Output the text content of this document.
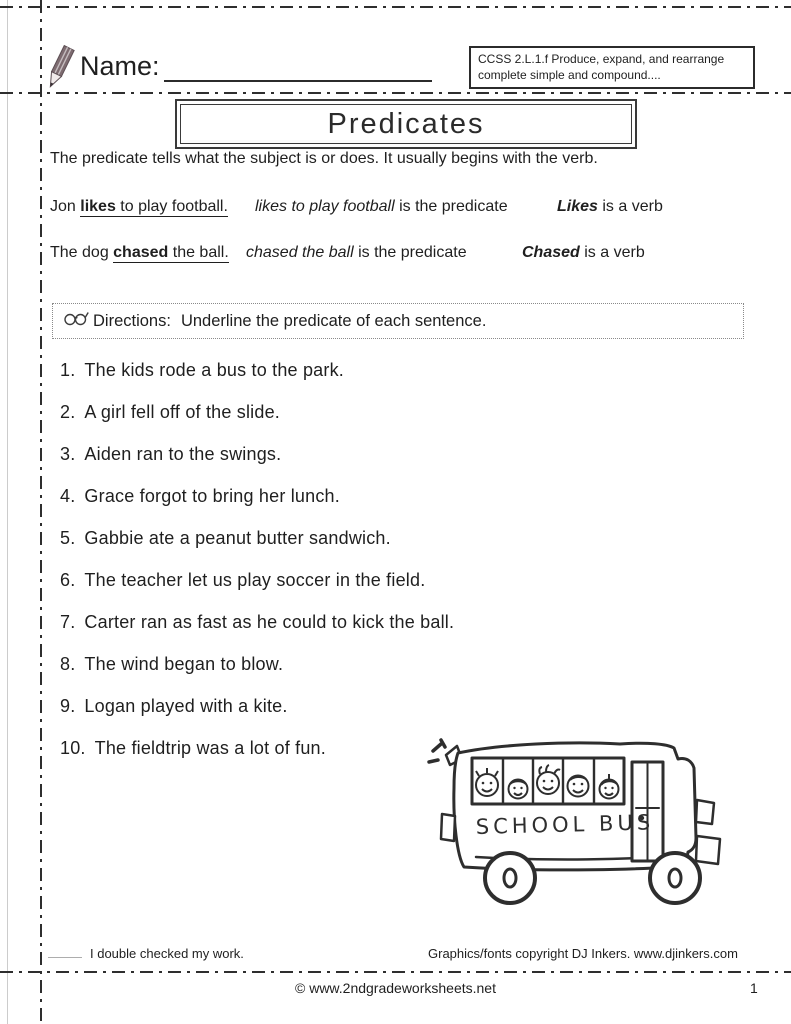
Name:	CCSS 2.L.1.f Produce, expand, and rearrange
complete simple and compound....
Predicates
The predicate tells what the subject is or does. It usually begins with the verb.
Jon likes to play football. likes to play football is the predicate	Likes is a verb
The dog chased the ball. chased the ball is the predicate	Chased is a verb
Directions: Underline the predicate of each sentence.
1. The kids rode a bus to the park.
2. A girl fell off of the slide.
3. Aiden ran to the swings.
4. Grace forgot to bring her lunch.
5. Gabbie ate a peanut butter sandwich.
6. The teacher let us play soccer in the field.
7. Carter ran as fast as he could to kick the ball.
8. The wind began to blow.
9. Logan played with a kite.
10. The fieldtrip was a lot of fun.
SCHOOL BUS
I double checked my work.	Graphics/fonts copyright DJ Inkers. www.djinkers.com
© www.2ndgradeworksheets.net	1
